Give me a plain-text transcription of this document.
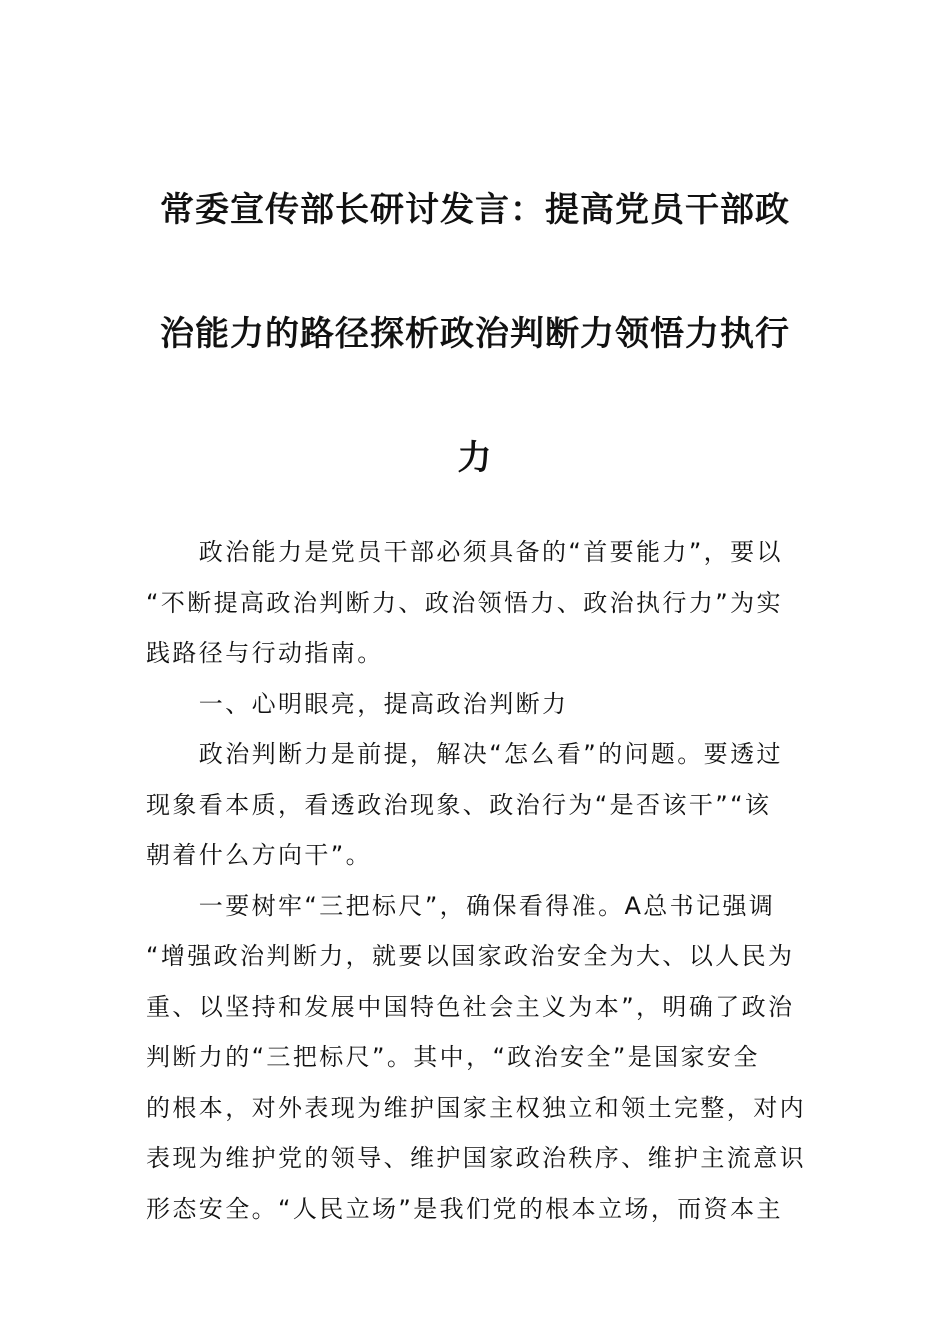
常委宣传部长研讨发言：提高党员干部政
治能力的路径探析政治判断力领悟力执行
力

政治能力是党员干部必须具备的“首要能力”，要以
“不断提高政治判断力、政治领悟力、政治执行力”为实
践路径与行动指南。

一、心明眼亮，提高政治判断力

政治判断力是前提，解决“怎么看”的问题。要透过
现象看本质，看透政治现象、政治行为“是否该干”“该
朝着什么方向干”。

一要树牢“三把标尺”，确保看得准。A总书记强调
“增强政治判断力，就要以国家政治安全为大、以人民为
重、以坚持和发展中国特色社会主义为本”，明确了政治
判断力的“三把标尺”。其中，“政治安全”是国家安全
的根本，对外表现为维护国家主权独立和领土完整，对内
表现为维护党的领导、维护国家政治秩序、维护主流意识
形态安全。“人民立场”是我们党的根本立场，而资本主
